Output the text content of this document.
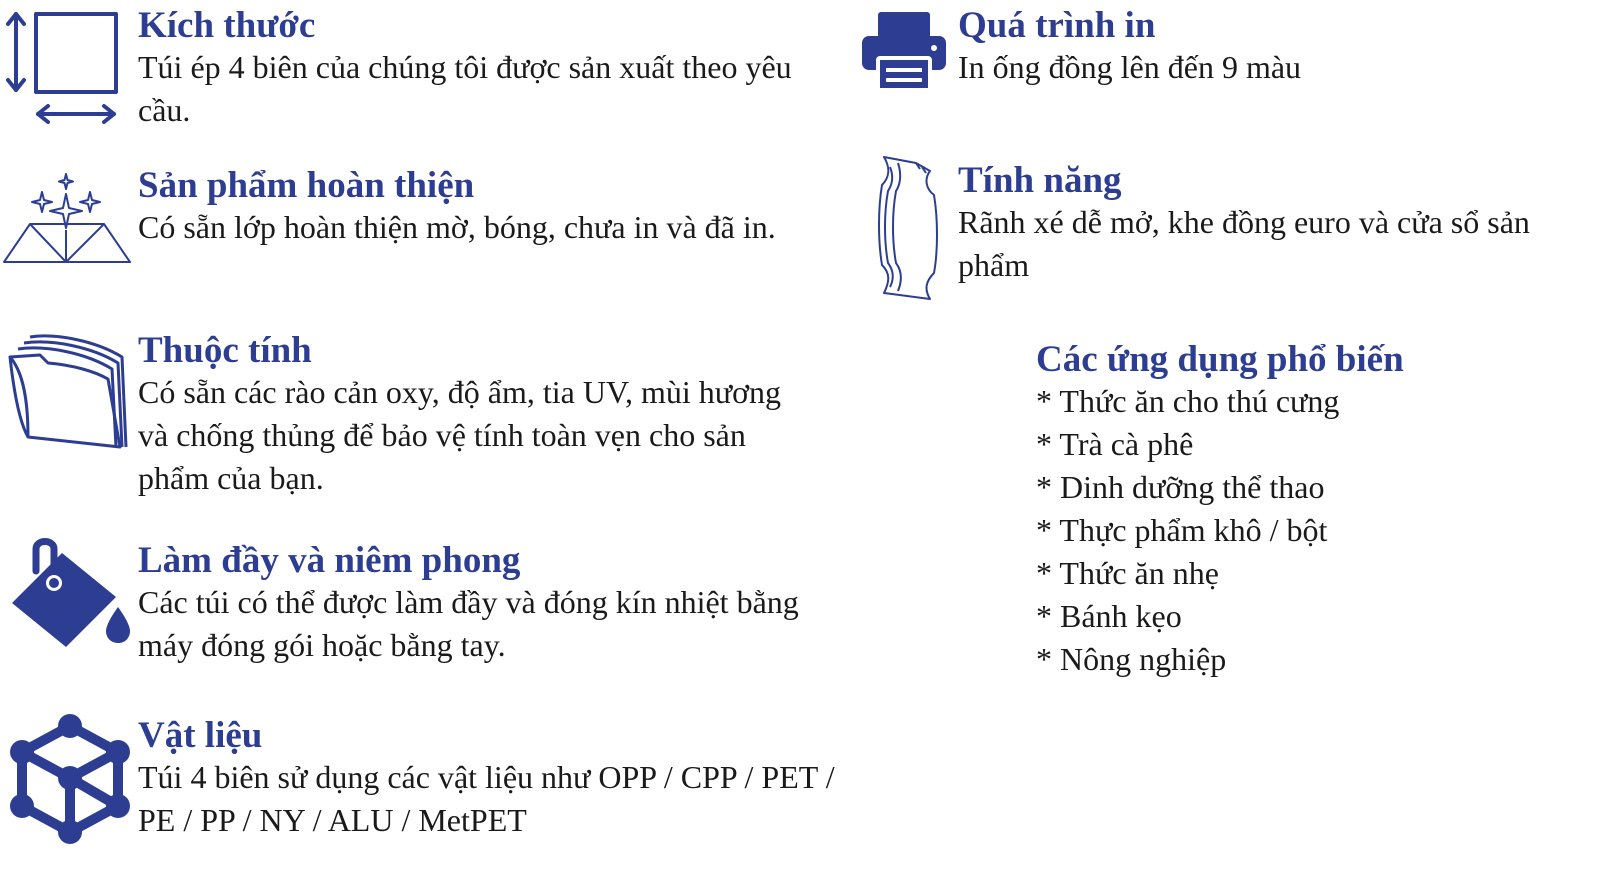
Kích thước
Túi ép 4 biên của chúng tôi được sản xuất theo yêu cầu.
Sản phẩm hoàn thiện
Có sẵn lớp hoàn thiện mờ, bóng, chưa in và đã in.
Thuộc tính
Có sẵn các rào cản oxy, độ ẩm, tia UV, mùi hương và chống thủng để bảo vệ tính toàn vẹn cho sản phẩm của bạn.
Làm đầy và niêm phong
Các túi có thể được làm đầy và đóng kín nhiệt bằng máy đóng gói hoặc bằng tay.
Vật liệu
Túi 4 biên sử dụng các vật liệu như OPP / CPP / PET / PE / PP / NY / ALU / MetPET
Quá trình in
In ống đồng lên đến 9 màu
Tính năng
Rãnh xé dễ mở, khe đồng euro và cửa sổ sản phẩm
Các ứng dụng phổ biến
* Thức ăn cho thú cưng
* Trà cà phê
* Dinh dưỡng thể thao
* Thực phẩm khô / bột
* Thức ăn nhẹ
* Bánh kẹo
* Nông nghiệp
